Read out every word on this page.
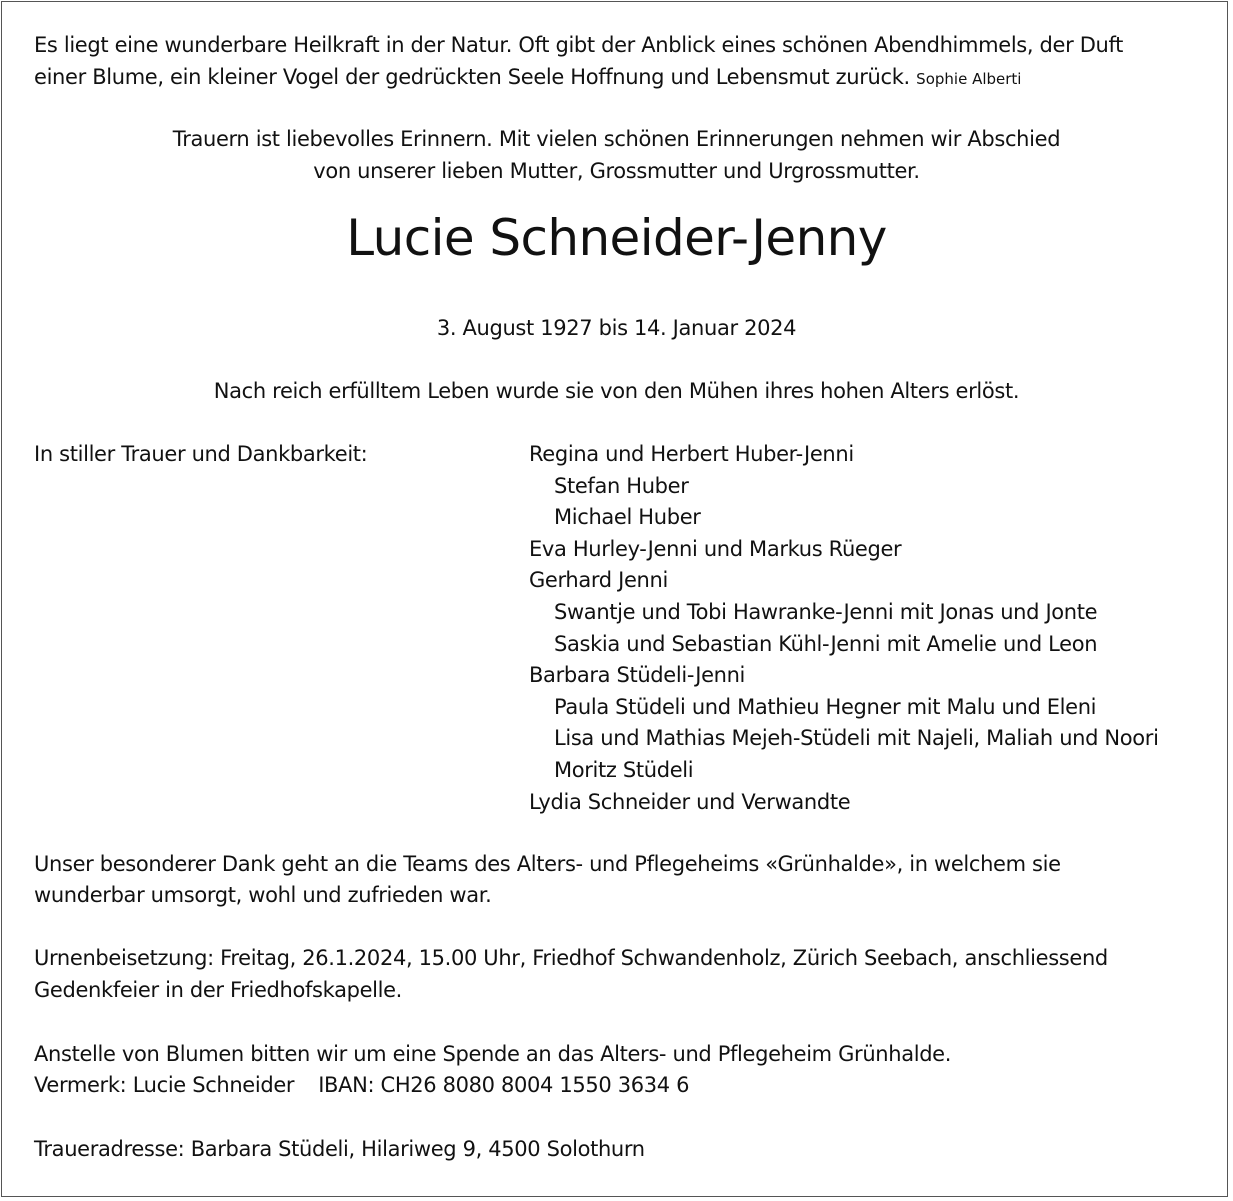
Es liegt eine wunderbare Heilkraft in der Natur. Oft gibt der Anblick eines schönen Abendhimmels, der Duft
einer Blume, ein kleiner Vogel der gedrückten Seele Hoffnung und Lebensmut zurück. Sophie Alberti
Trauern ist liebevolles Erinnern. Mit vielen schönen Erinnerungen nehmen wir Abschied
von unserer lieben Mutter, Grossmutter und Urgrossmutter.
Lucie Schneider-Jenny
3. August 1927 bis 14. Januar 2024
Nach reich erfülltem Leben wurde sie von den Mühen ihres hohen Alters erlöst.
In stiller Trauer und Dankbarkeit:	Regina und Herbert Huber-Jenni
Stefan Huber
Michael Huber
Eva Hurley-Jenni und Markus Rüeger
Gerhard Jenni
Swantje und Tobi Hawranke-Jenni mit Jonas und Jonte
Saskia und Sebastian Kühl-Jenni mit Amelie und Leon
Barbara Stüdeli-Jenni
Paula Stüdeli und Mathieu Hegner mit Malu und Eleni
Lisa und Mathias Mejeh-Stüdeli mit Najeli, Maliah und Noori
Moritz Stüdeli
Lydia Schneider und Verwandte
Unser besonderer Dank geht an die Teams des Alters- und Pflegeheims «Grünhalde», in welchem sie
wunderbar umsorgt, wohl und zufrieden war.
Urnenbeisetzung: Freitag, 26.1.2024, 15.00 Uhr, Friedhof Schwandenholz, Zürich Seebach, anschliessend
Gedenkfeier in der Friedhofskapelle.
Anstelle von Blumen bitten wir um eine Spende an das Alters- und Pflegeheim Grünhalde.
Vermerk: Lucie Schneider IBAN: CH26 8080 8004 1550 3634 6
Traueradresse: Barbara Stüdeli, Hilariweg 9, 4500 Solothurn
